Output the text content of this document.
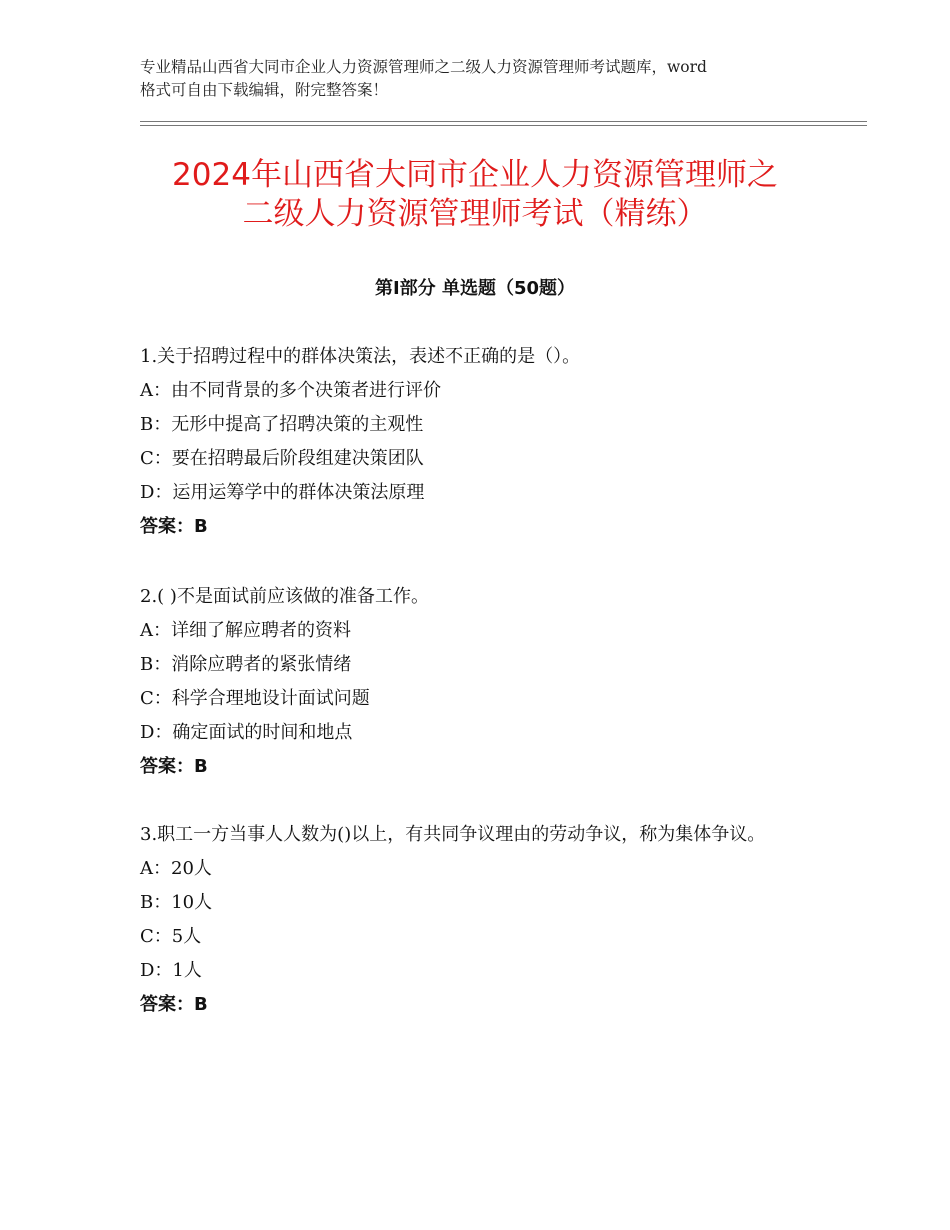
专业精品山西省大同市企业人力资源管理师之二级人力资源管理师考试题库，word
格式可自由下载编辑，附完整答案！
2024年山西省大同市企业人力资源管理师之
二级人力资源管理师考试（精练）
第Ⅰ部分 单选题（50题）

1.关于招聘过程中的群体决策法，表述不正确的是（）。

A：由不同背景的多个决策者进行评价

B：无形中提高了招聘决策的主观性

C：要在招聘最后阶段组建决策团队

D：运用运筹学中的群体决策法原理

答案：B

2.( )不是面试前应该做的准备工作。

A：详细了解应聘者的资料

B：消除应聘者的紧张情绪

C：科学合理地设计面试问题

D：确定面试的时间和地点

答案：B

3.职工一方当事人人数为()以上，有共同争议理由的劳动争议，称为集体争议。

A：20人

B：10人

C：5人

D：1人

答案：B
